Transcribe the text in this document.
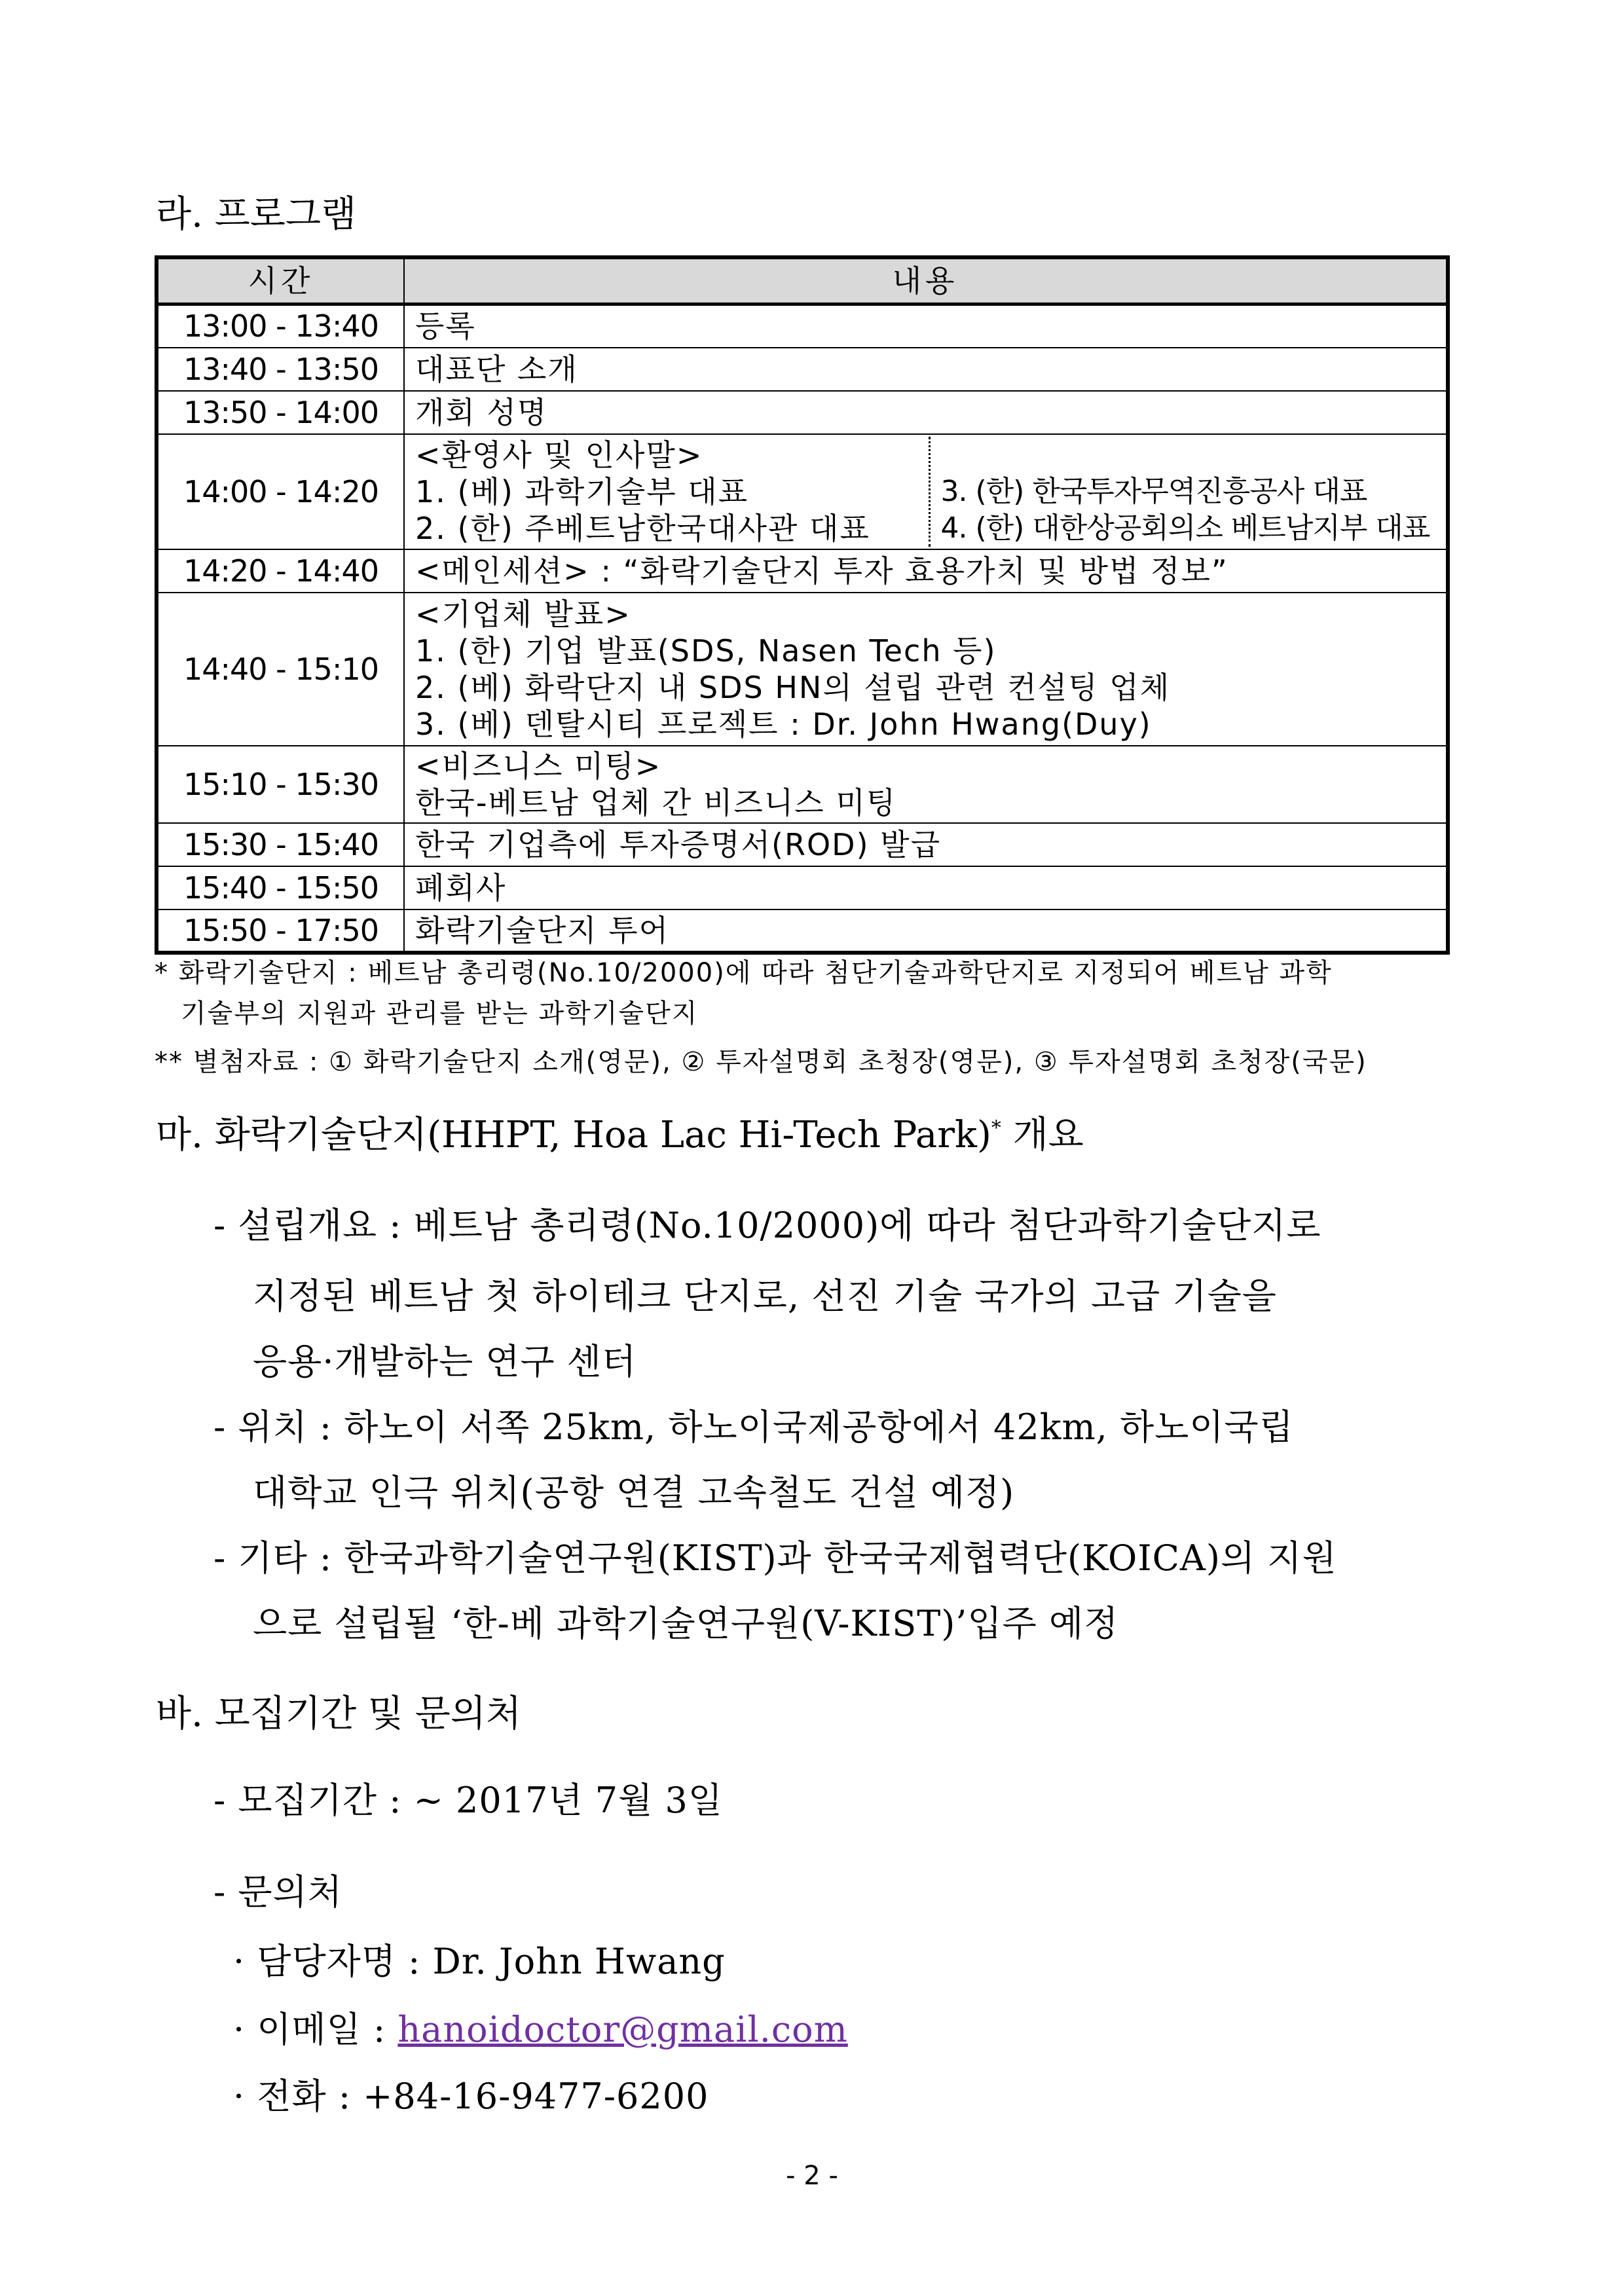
라. 프로그램
시간	내용
13:00 - 13:40	등록
13:40 - 13:50	대표단 소개
13:50 - 14:00	개회 성명
14:00 - 14:20	<환영사 및 인사말>
1. (베) 과학기술부 대표
2. (한) 주베트남한국대사관 대표

3. (한) 한국투자무역진흥공사 대표
4. (한) 대한상공회의소 베트남지부 대표

14:20 - 14:40	<메인세션> : “화락기술단지 투자 효용가치 및 방법 정보”
14:40 - 15:10	<기업체 발표>
1. (한) 기업 발표(SDS, Nasen Tech 등)
2. (베) 화락단지 내 SDS HN의 설립 관련 컨설팅 업체
3. (베) 덴탈시티 프로젝트 : Dr. John Hwang(Duy)

15:10 - 15:30	<비즈니스 미팅>
한국-베트남 업체 간 비즈니스 미팅

15:30 - 15:40	한국 기업측에 투자증명서(ROD) 발급
15:40 - 15:50	폐회사
15:50 - 17:50	화락기술단지 투어
* 화락기술단지 : 베트남 총리령(No.10/2000)에 따라 첨단기술과학단지로 지정되어 베트남 과학
기술부의 지원과 관리를 받는 과학기술단지
** 별첨자료 : ① 화락기술단지 소개(영문), ② 투자설명회 초청장(영문), ③ 투자설명회 초청장(국문)
마. 화락기술단지(HHPT, Hoa Lac Hi-Tech Park)* 개요
- 설립개요 : 베트남 총리령(No.10/2000)에 따라 첨단과학기술단지로
지정된 베트남 첫 하이테크 단지로, 선진 기술 국가의 고급 기술을
응용·개발하는 연구 센터
- 위치 : 하노이 서쪽 25km, 하노이국제공항에서 42km, 하노이국립
대학교 인극 위치(공항 연결 고속철도 건설 예정)
- 기타 : 한국과학기술연구원(KIST)과 한국국제협력단(KOICA)의 지원
으로 설립될 ‘한-베 과학기술연구원(V-KIST)’입주 예정
바. 모집기간 및 문의처
- 모집기간 : ~ 2017년 7월 3일
- 문의처
· 담당자명 : Dr. John Hwang
· 이메일 : hanoidoctor@gmail.com
· 전화 : +84-16-9477-6200
- 2 -
